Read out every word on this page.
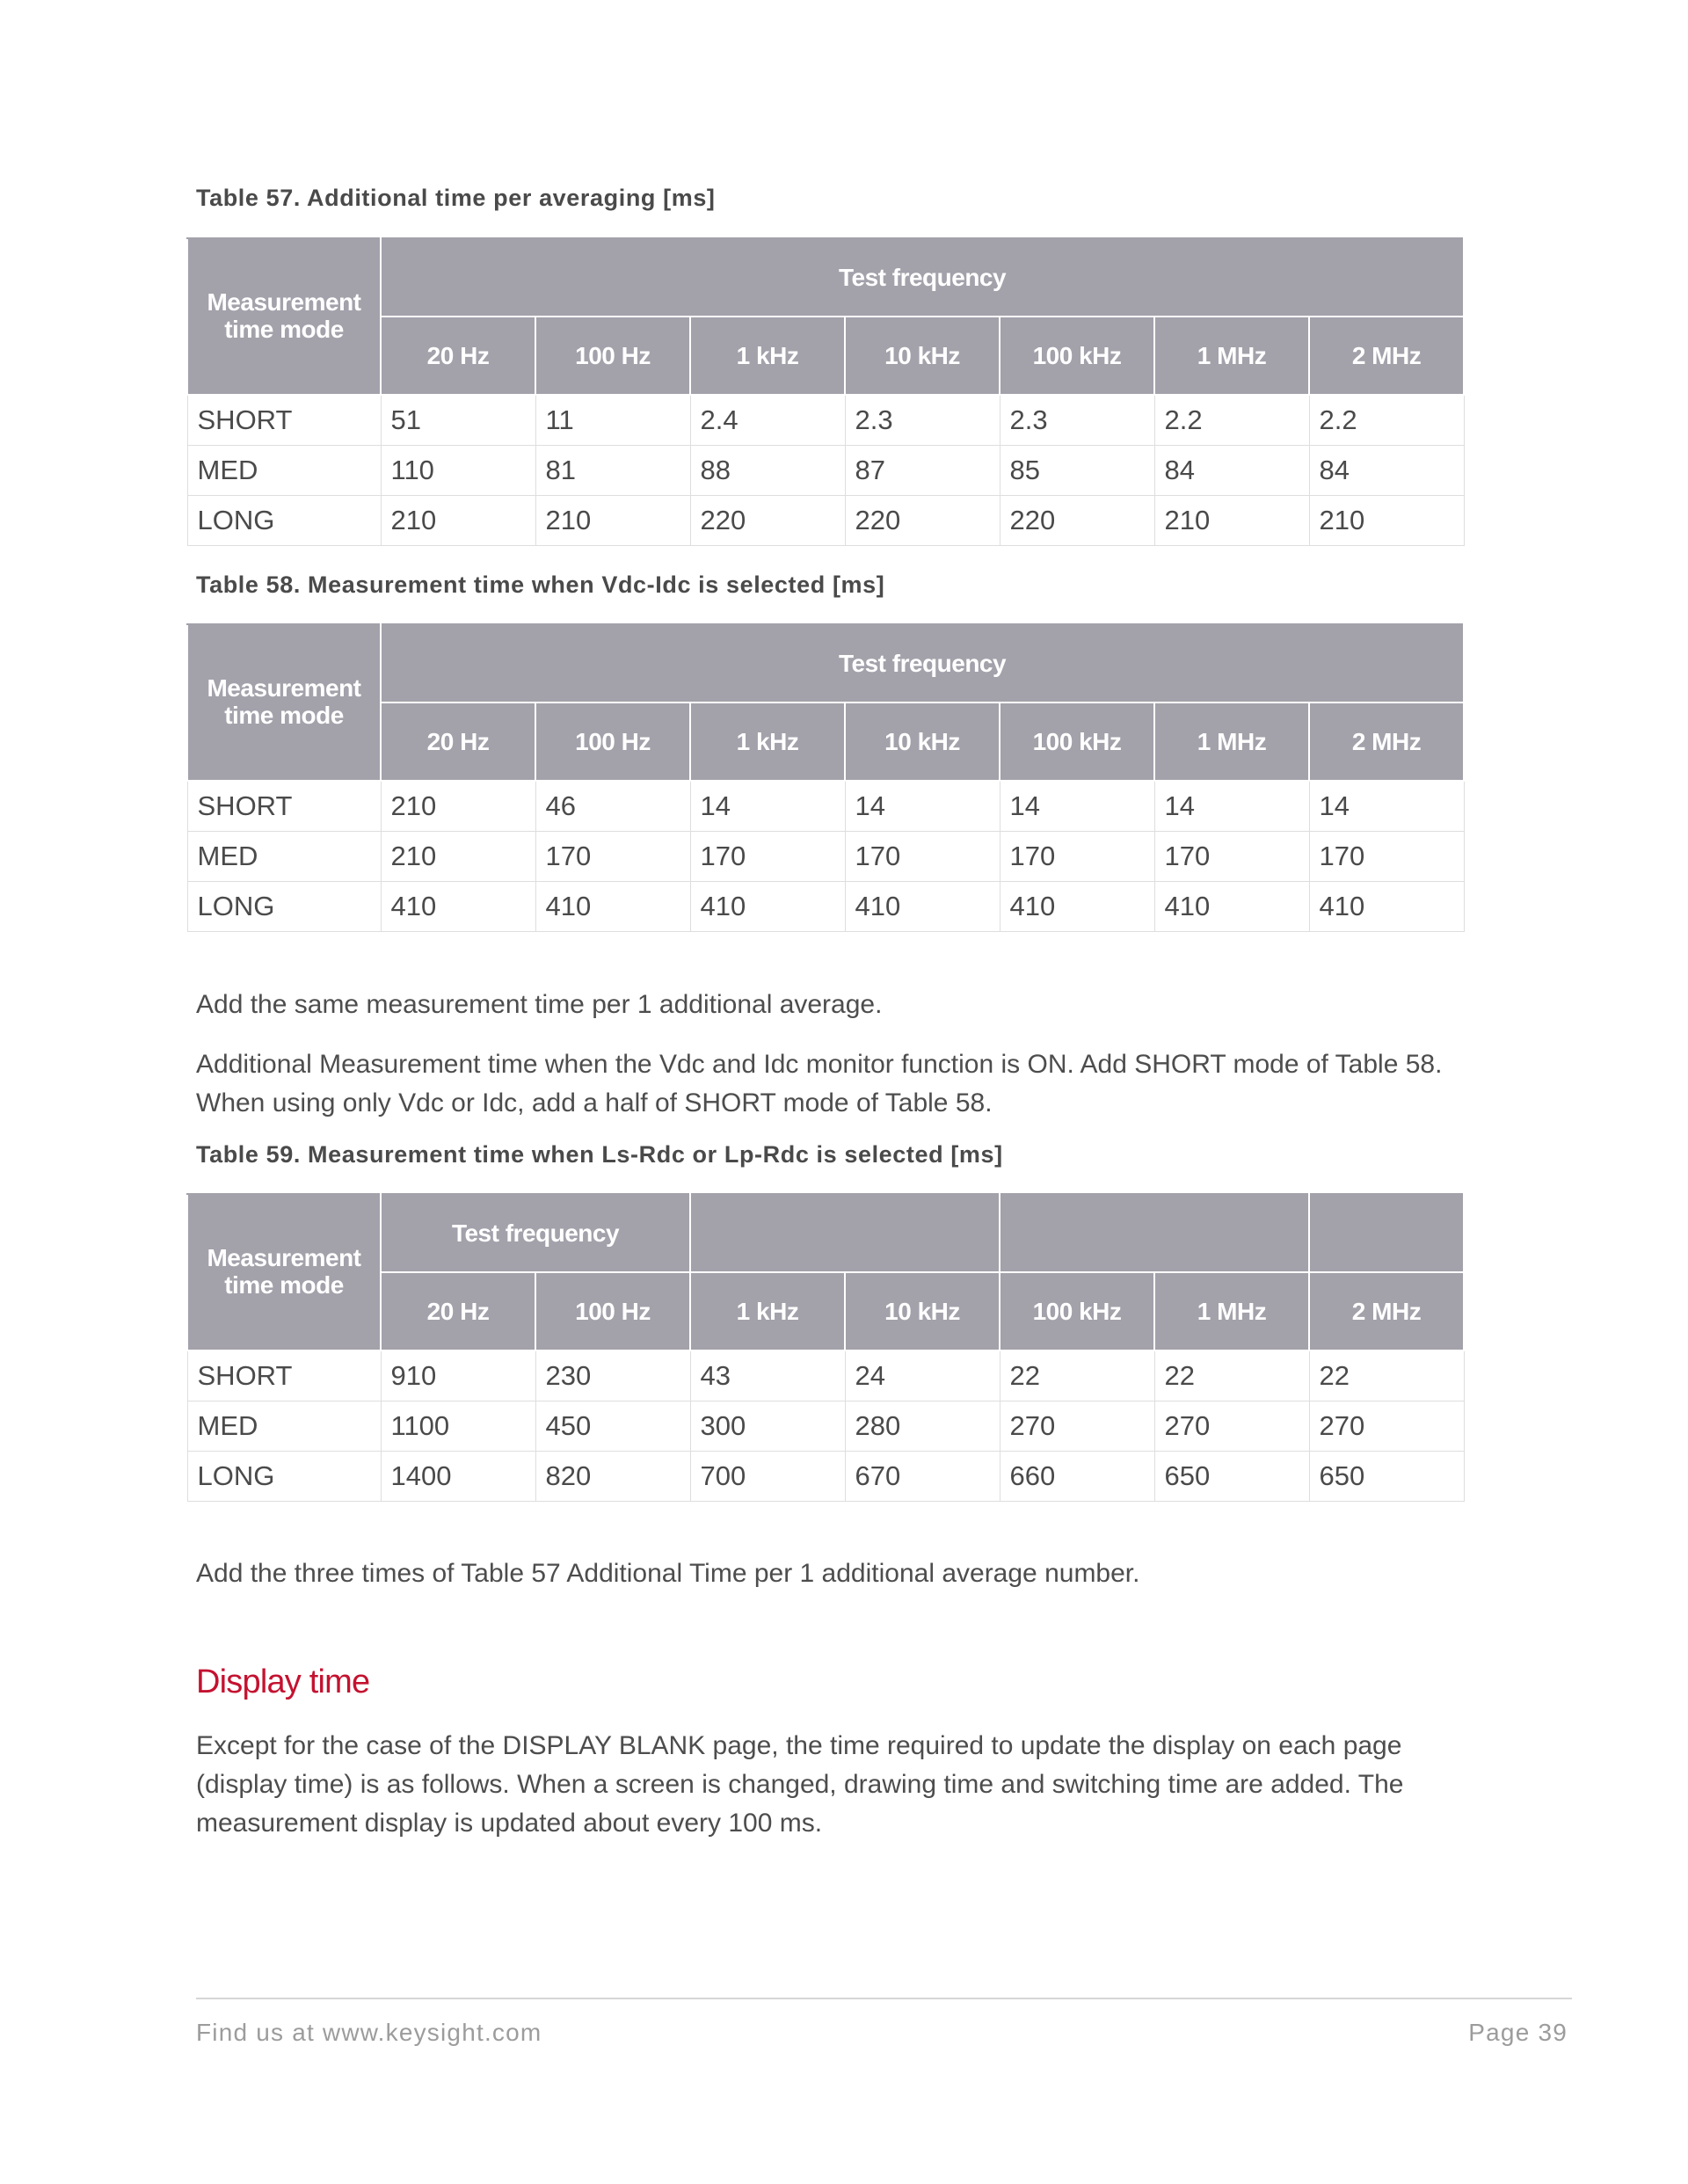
Table 57. Additional time per averaging [ms]
Measurement
time mode	Test frequency						
	20 Hz	100 Hz	1 kHz	10 kHz	100 kHz	1 MHz	2 MHz
SHORT	51	11	2.4	2.3	2.3	2.2	2.2
MED	110	81	88	87	85	84	84
LONG	210	210	220	220	220	210	210
Table 58. Measurement time when Vdc-Idc is selected [ms]
Measurement
time mode	Test frequency						
	20 Hz	100 Hz	1 kHz	10 kHz	100 kHz	1 MHz	2 MHz
SHORT	210	46	14	14	14	14	14
MED	210	170	170	170	170	170	170
LONG	410	410	410	410	410	410	410

Add the same measurement time per 1 additional average.

Additional Measurement time when the Vdc and Idc monitor function is ON. Add SHORT mode of Table 58. When using only Vdc or Idc, add a half of SHORT mode of Table 58.

Table 59. Measurement time when Ls-Rdc or Lp-Rdc is selected [ms]
Measurement
time mode	Test frequency						
	20 Hz	100 Hz	1 kHz	10 kHz	100 kHz	1 MHz	2 MHz
SHORT	910	230	43	24	22	22	22
MED	1100	450	300	280	270	270	270
LONG	1400	820	700	670	660	650	650

Add the three times of Table 57 Additional Time per 1 additional average number.

Display time

Except for the case of the DISPLAY BLANK page, the time required to update the display on each page (display time) is as follows. When a screen is changed, drawing time and switching time are added. The measurement display is updated about every 100 ms.

Find us at www.keysight.com	Page 39
